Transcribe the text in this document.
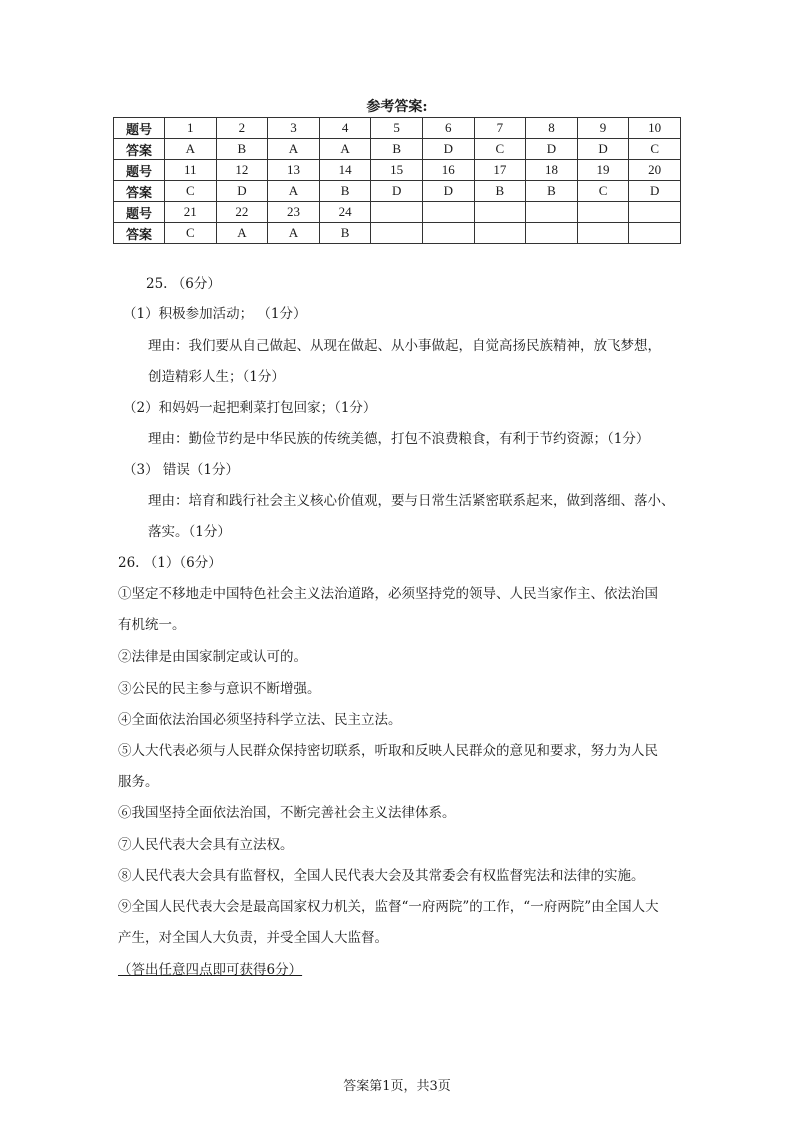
参考答案:
题号	1	2	3	4	5	6	7	8	9	10
答案	A	B	A	A	B	D	C	D	D	C
题号	11	12	13	14	15	16	17	18	19	20
答案	C	D	A	B	D	D	B	B	C	D
题号	21	22	23	24						
答案	C	A	A	B						
25. （6分）
（1）积极参加活动； （1分）
理由：我们要从自己做起、从现在做起、从小事做起，自觉高扬民族精神，放飞梦想，
创造精彩人生；（1分）
（2）和妈妈一起把剩菜打包回家；（1分）
理由：勤俭节约是中华民族的传统美德，打包不浪费粮食，有利于节约资源；（1分）
（3） 错误（1分）
理由：培育和践行社会主义核心价值观，要与日常生活紧密联系起来，做到落细、落小、
落实。（1分）
26. （1）（6分）
①坚定不移地走中国特色社会主义法治道路，必须坚持党的领导、人民当家作主、依法治国
有机统一。
②法律是由国家制定或认可的。
③公民的民主参与意识不断增强。
④全面依法治国必须坚持科学立法、民主立法。
⑤人大代表必须与人民群众保持密切联系，听取和反映人民群众的意见和要求，努力为人民
服务。
⑥我国坚持全面依法治国，不断完善社会主义法律体系。
⑦人民代表大会具有立法权。
⑧人民代表大会具有监督权，全国人民代表大会及其常委会有权监督宪法和法律的实施。
⑨全国人民代表大会是最高国家权力机关，监督“一府两院”的工作，“一府两院”由全国人大
产生，对全国人大负责，并受全国人大监督。
（答出任意四点即可获得6分）
答案第1页，共3页
